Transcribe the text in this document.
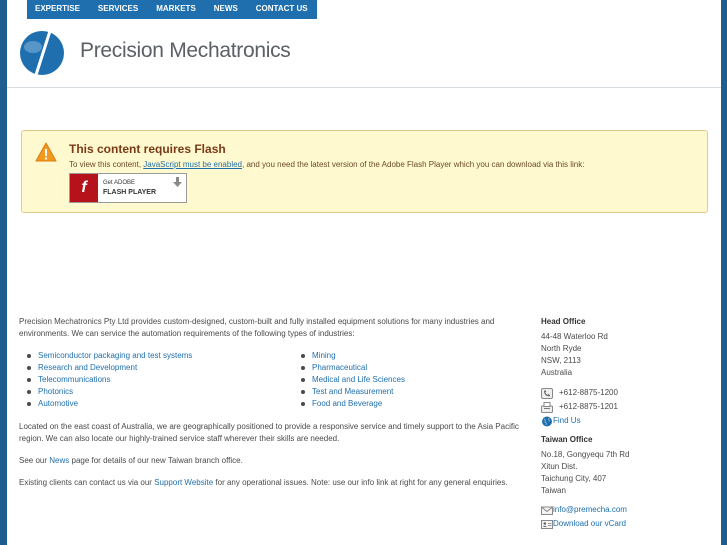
EXPERTISE	SERVICES	MARKETS	NEWS	CONTACT US
Precision Mechatronics
This content requires Flash
To view this content, JavaScript must be enabled, and you need the latest version of the Adobe Flash Player which you can download via this link:
f	Get ADOBE
FLASH PLAYER

Precision Mechatronics Pty Ltd provides custom-designed, custom-built and fully installed equipment solutions for many industries and environments. We can service the automation requirements of the following types of industries:

Semiconductor packaging and test systems
Research and Development
Telecommunications
Photonics
Automotive
Mining
Pharmaceutical
Medical and Life Sciences
Test and Measurement
Food and Beverage

Located on the east coast of Australia, we are geographically positioned to provide a responsive service and timely support to the Asia Pacific region. We can also locate our highly-trained service staff wherever their skills are needed.

See our News page for details of our new Taiwan branch office.

Existing clients can contact us via our Support Website for any operational issues. Note: use our info link at right for any general enquiries.

Head Office
44-48 Waterloo Rd
North Ryde
NSW, 2113
Australia
+612-8875-1200
+612-8875-1201
Find Us
Taiwan Office
No.18, Gongyequ 7th Rd
Xitun Dist.
Taichung City, 407
Taiwan
info@premecha.com
Download our vCard
